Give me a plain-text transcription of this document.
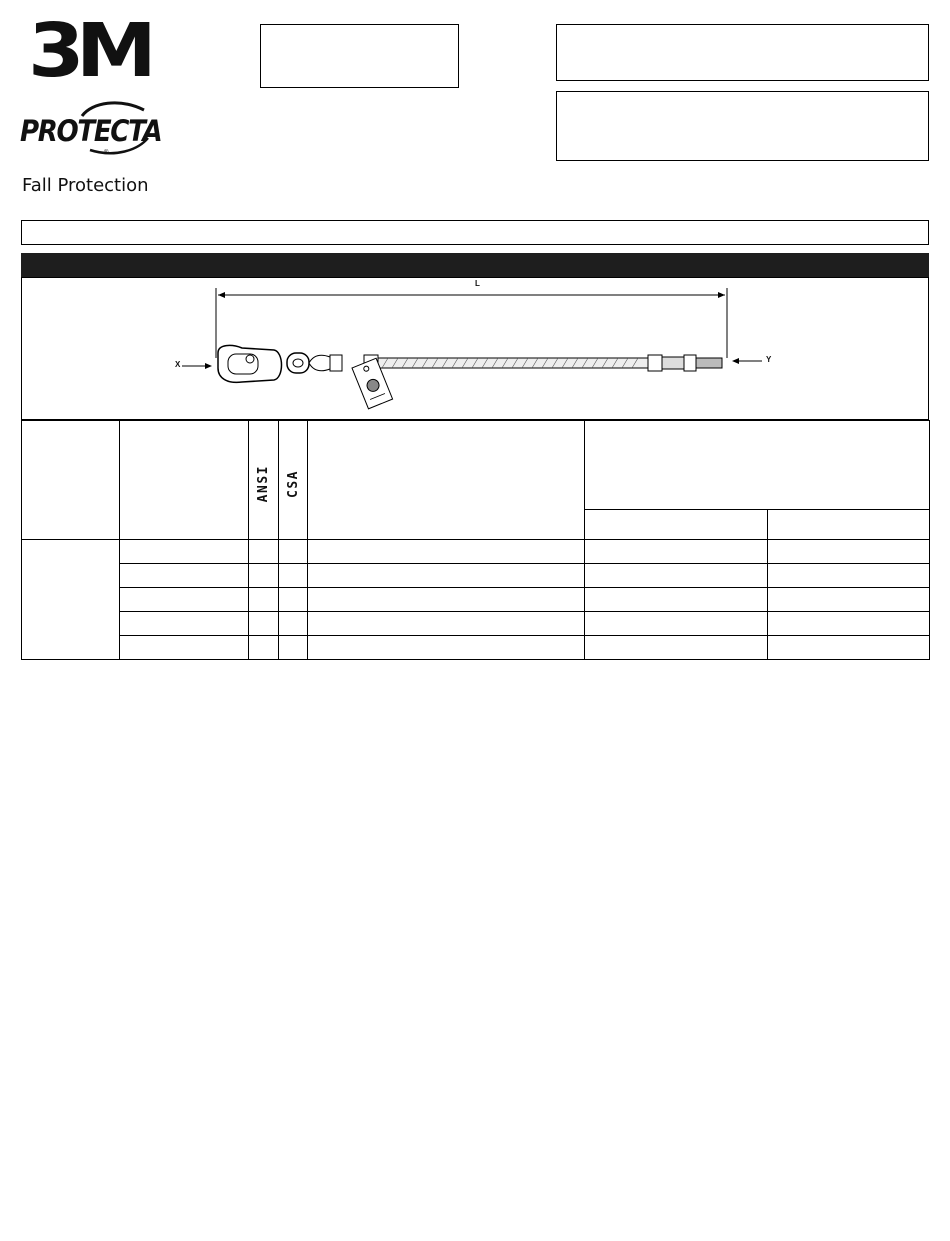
3M
PROTECTA
®
Fall Protection
L
X
Y

		ANSI	CSA			
